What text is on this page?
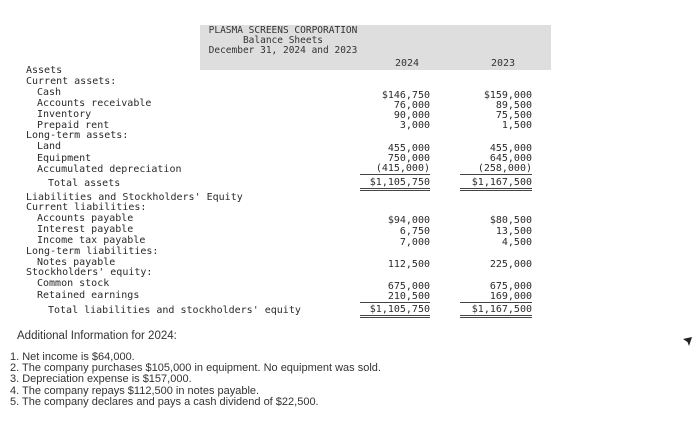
PLASMA SCREENS CORPORATION
Balance Sheets
December 31, 2024 and 2023
2024	2023
Assets
Current assets:
Cash
Accounts receivable
Inventory
Prepaid rent
Long-term assets:
Land
Equipment
Accumulated depreciation
Total assets
Liabilities and Stockholders' Equity
Current liabilities:
Accounts payable
Interest payable
Income tax payable
Long-term liabilities:
Notes payable
Stockholders' equity:
Common stock
Retained earnings
Total liabilities and stockholders' equity
$146,750
76,000
90,000
3,000
455,000
750,000
(415,000)
$1,105,750
$94,000
6,750
7,000
112,500
675,000
210,500
$1,105,750
$159,000
89,500
75,500
1,500
455,000
645,000
(258,000)
$1,167,500
$80,500
13,500
4,500
225,000
675,000
169,000
$1,167,500
Additional Information for 2024:
1. Net income is $64,000.
2. The company purchases $105,000 in equipment. No equipment was sold.
3. Depreciation expense is $157,000.
4. The company repays $112,500 in notes payable.
5. The company declares and pays a cash dividend of $22,500.
